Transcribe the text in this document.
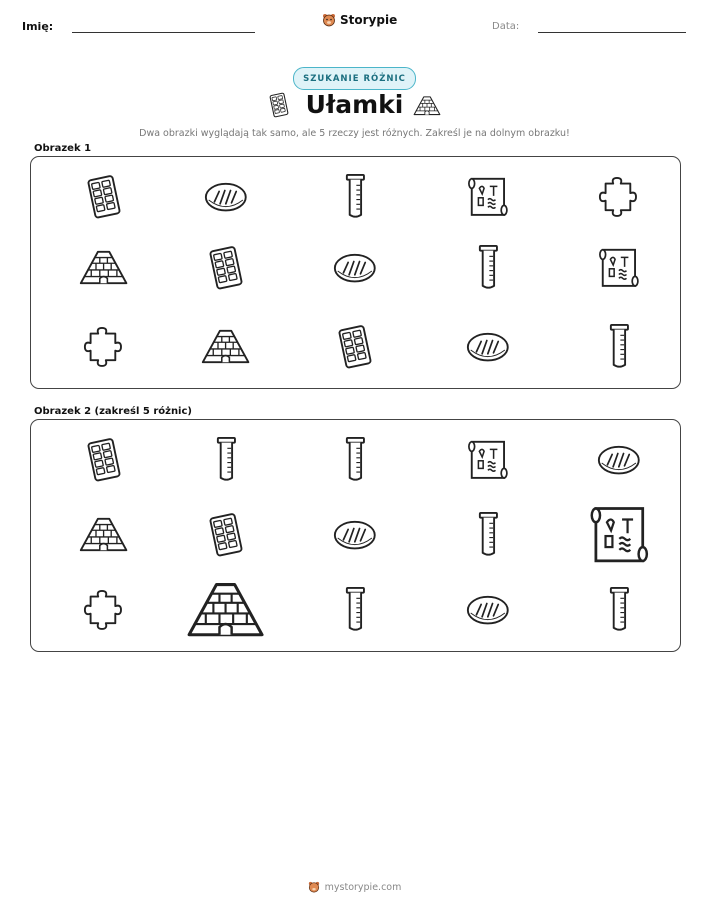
Imię:	Storypie	Data:
SZUKANIE RÓŻNIC
Ułamki
Dwa obrazki wyglądają tak samo, ale 5 rzeczy jest różnych. Zakreśl je na dolnym obrazku!
Obrazek 1
Obrazek 2 (zakreśl 5 różnic)
mystorypie.com
